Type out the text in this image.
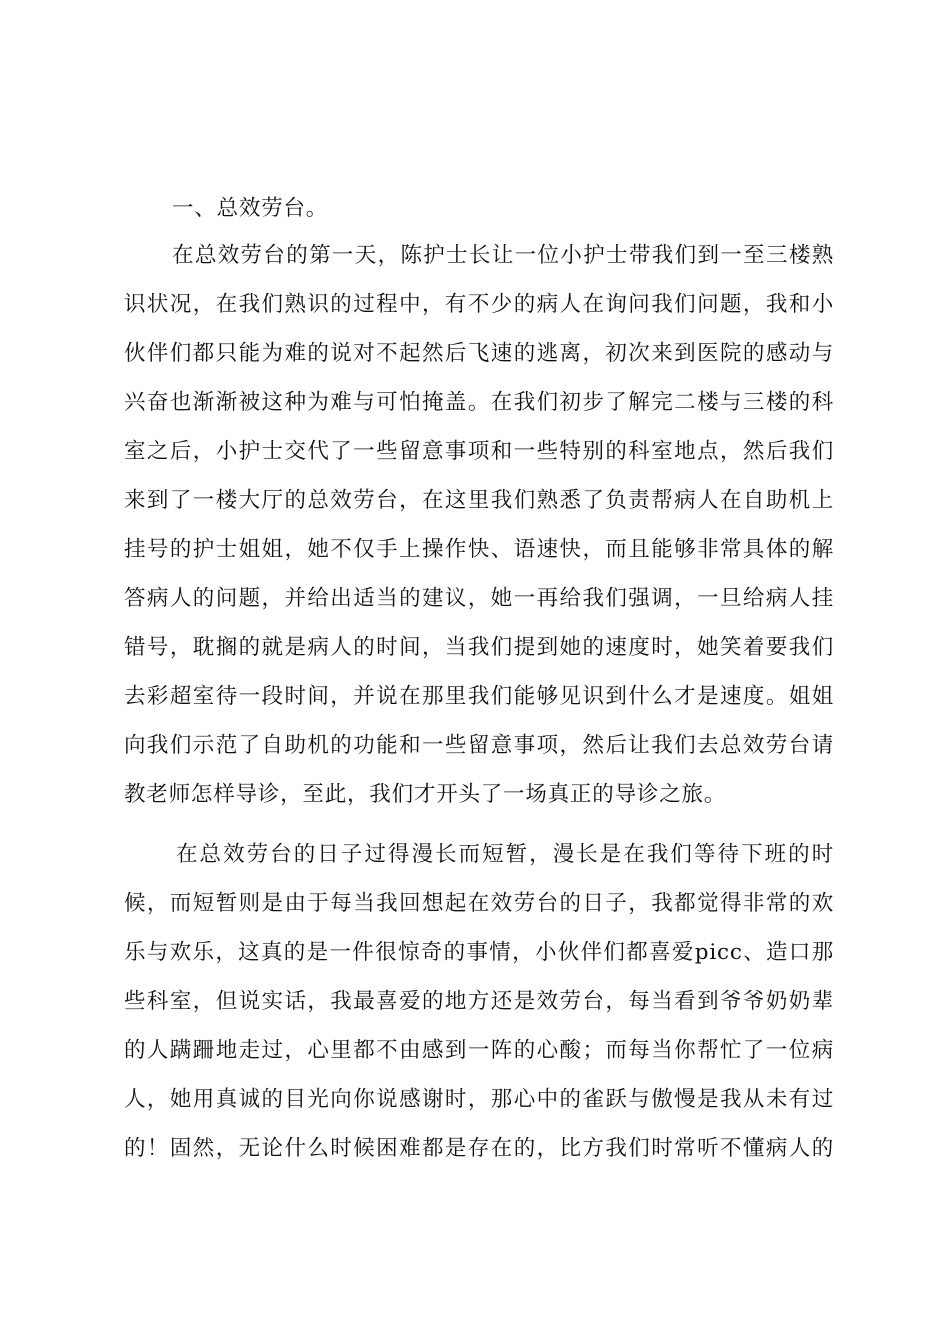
一、总效劳台。
在总效劳台的第一天，陈护士长让一位小护士带我们到一至三楼熟
识状况，在我们熟识的过程中，有不少的病人在询问我们问题，我和小
伙伴们都只能为难的说对不起然后飞速的逃离，初次来到医院的感动与
兴奋也渐渐被这种为难与可怕掩盖。在我们初步了解完二楼与三楼的科
室之后，小护士交代了一些留意事项和一些特别的科室地点，然后我们
来到了一楼大厅的总效劳台，在这里我们熟悉了负责帮病人在自助机上
挂号的护士姐姐，她不仅手上操作快、语速快，而且能够非常具体的解
答病人的问题，并给出适当的建议，她一再给我们强调，一旦给病人挂
错号，耽搁的就是病人的时间，当我们提到她的速度时，她笑着要我们
去彩超室待一段时间，并说在那里我们能够见识到什么才是速度。姐姐
向我们示范了自助机的功能和一些留意事项，然后让我们去总效劳台请
教老师怎样导诊，至此，我们才开头了一场真正的导诊之旅。
在总效劳台的日子过得漫长而短暂，漫长是在我们等待下班的时
候，而短暂则是由于每当我回想起在效劳台的日子，我都觉得非常的欢
乐与欢乐，这真的是一件很惊奇的事情，小伙伴们都喜爱picc、造口那
些科室，但说实话，我最喜爱的地方还是效劳台，每当看到爷爷奶奶辈
的人蹒跚地走过，心里都不由感到一阵的心酸；而每当你帮忙了一位病
人，她用真诚的目光向你说感谢时，那心中的雀跃与傲慢是我从未有过
的！固然，无论什么时候困难都是存在的，比方我们时常听不懂病人的
